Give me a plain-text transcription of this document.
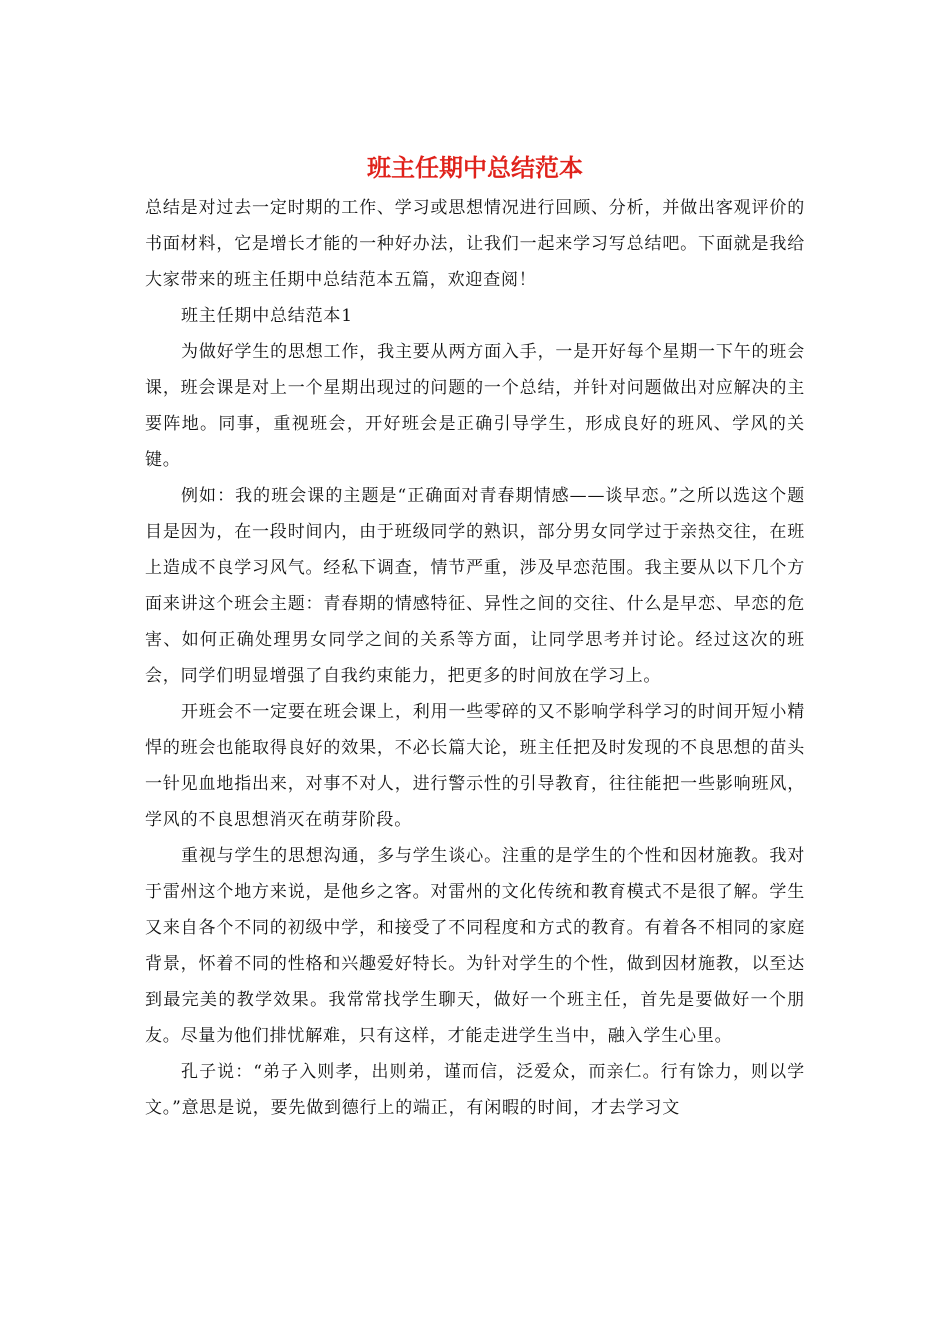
班主任期中总结范本

总结是对过去一定时期的工作、学习或思想情况进行回顾、分析，并做出客观评价的书面材料，它是增长才能的一种好办法，让我们一起来学习写总结吧。下面就是我给大家带来的班主任期中总结范本五篇，欢迎查阅！

班主任期中总结范本1

为做好学生的思想工作，我主要从两方面入手，一是开好每个星期一下午的班会课，班会课是对上一个星期出现过的问题的一个总结，并针对问题做出对应解决的主要阵地。同事，重视班会，开好班会是正确引导学生，形成良好的班风、学风的关键。

例如：我的班会课的主题是“正确面对青春期情感——谈早恋。”之所以选这个题目是因为，在一段时间内，由于班级同学的熟识，部分男女同学过于亲热交往，在班上造成不良学习风气。经私下调查，情节严重，涉及早恋范围。我主要从以下几个方面来讲这个班会主题：青春期的情感特征、异性之间的交往、什么是早恋、早恋的危害、如何正确处理男女同学之间的关系等方面，让同学思考并讨论。经过这次的班会，同学们明显增强了自我约束能力，把更多的时间放在学习上。

开班会不一定要在班会课上，利用一些零碎的又不影响学科学习的时间开短小精悍的班会也能取得良好的效果，不必长篇大论，班主任把及时发现的不良思想的苗头一针见血地指出来，对事不对人，进行警示性的引导教育，往往能把一些影响班风，学风的不良思想消灭在萌芽阶段。

重视与学生的思想沟通，多与学生谈心。注重的是学生的个性和因材施教。我对于雷州这个地方来说，是他乡之客。对雷州的文化传统和教育模式不是很了解。学生又来自各个不同的初级中学，和接受了不同程度和方式的教育。有着各不相同的家庭背景，怀着不同的性格和兴趣爱好特长。为针对学生的个性，做到因材施教，以至达到最完美的教学效果。我常常找学生聊天，做好一个班主任，首先是要做好一个朋友。尽量为他们排忧解难，只有这样，才能走进学生当中，融入学生心里。

孔子说：“弟子入则孝，出则弟，谨而信，泛爱众，而亲仁。行有馀力，则以学文。”意思是说，要先做到德行上的端正，有闲暇的时间，才去学习文
